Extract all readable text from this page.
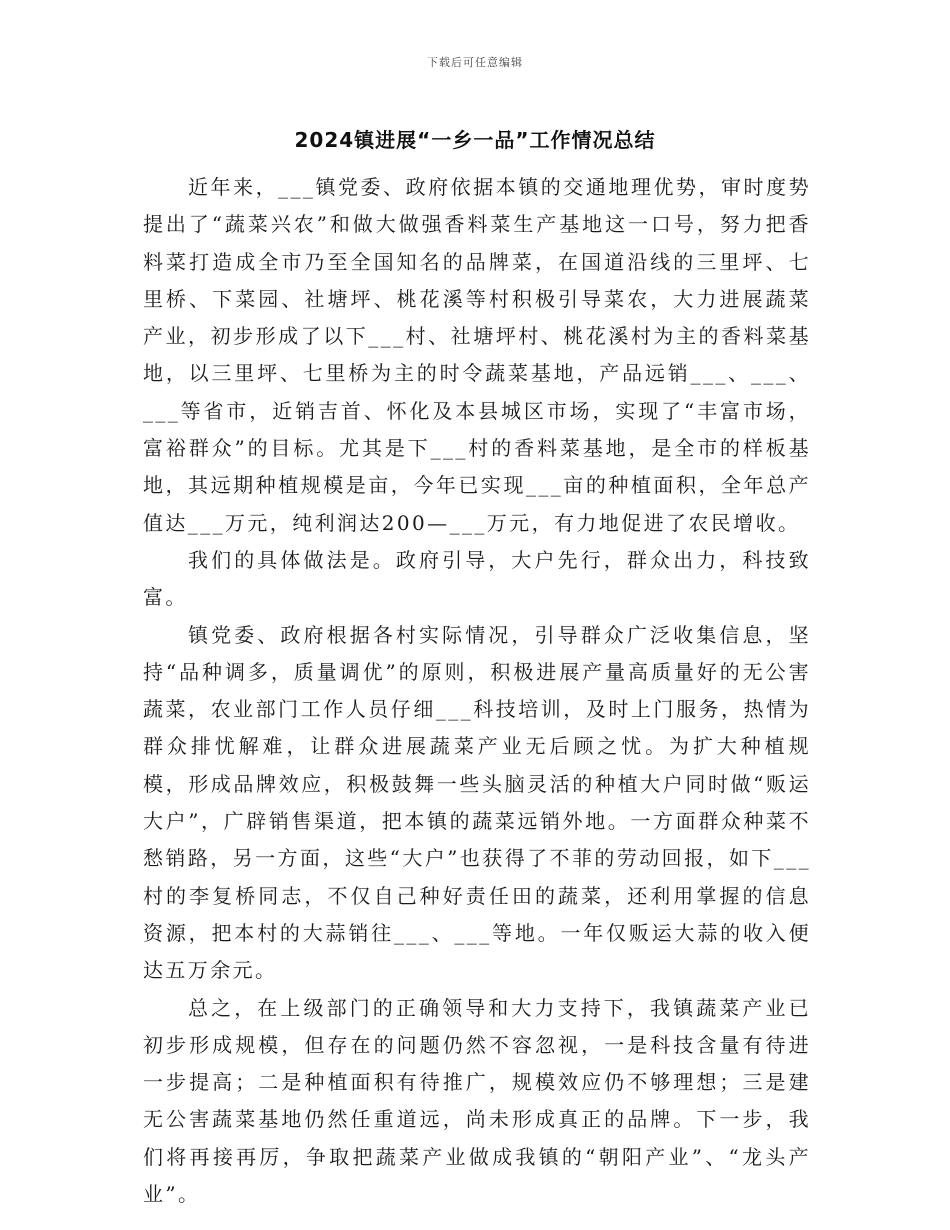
下载后可任意编辑
2024镇进展“一乡一品”工作情况总结

近年来，___镇党委、政府依据本镇的交通地理优势，审时度势提出了“蔬菜兴农”和做大做强香料菜生产基地这一口号，努力把香料菜打造成全市乃至全国知名的品牌菜，在国道沿线的三里坪、七里桥、下菜园、社塘坪、桃花溪等村积极引导菜农，大力进展蔬菜产业，初步形成了以下___村、社塘坪村、桃花溪村为主的香料菜基地，以三里坪、七里桥为主的时令蔬菜基地，产品远销___、___、___等省市，近销吉首、怀化及本县城区市场，实现了“丰富市场，富裕群众”的目标。尤其是下___村的香料菜基地，是全市的样板基地，其远期种植规模是亩，今年已实现___亩的种植面积，全年总产值达___万元，纯利润达200—___万元，有力地促进了农民增收。

我们的具体做法是。政府引导，大户先行，群众出力，科技致富。

镇党委、政府根据各村实际情况，引导群众广泛收集信息，坚持“品种调多，质量调优”的原则，积极进展产量高质量好的无公害蔬菜，农业部门工作人员仔细___科技培训，及时上门服务，热情为群众排忧解难，让群众进展蔬菜产业无后顾之忧。为扩大种植规模，形成品牌效应，积极鼓舞一些头脑灵活的种植大户同时做“贩运大户”，广辟销售渠道，把本镇的蔬菜远销外地。一方面群众种菜不愁销路，另一方面，这些“大户”也获得了不菲的劳动回报，如下___村的李复桥同志，不仅自己种好责任田的蔬菜，还利用掌握的信息资源，把本村的大蒜销往___、___等地。一年仅贩运大蒜的收入便达五万余元。

总之，在上级部门的正确领导和大力支持下，我镇蔬菜产业已初步形成规模，但存在的问题仍然不容忽视，一是科技含量有待进一步提高；二是种植面积有待推广，规模效应仍不够理想；三是建无公害蔬菜基地仍然任重道远，尚未形成真正的品牌。下一步，我们将再接再厉，争取把蔬菜产业做成我镇的“朝阳产业”、“龙头产业”。
